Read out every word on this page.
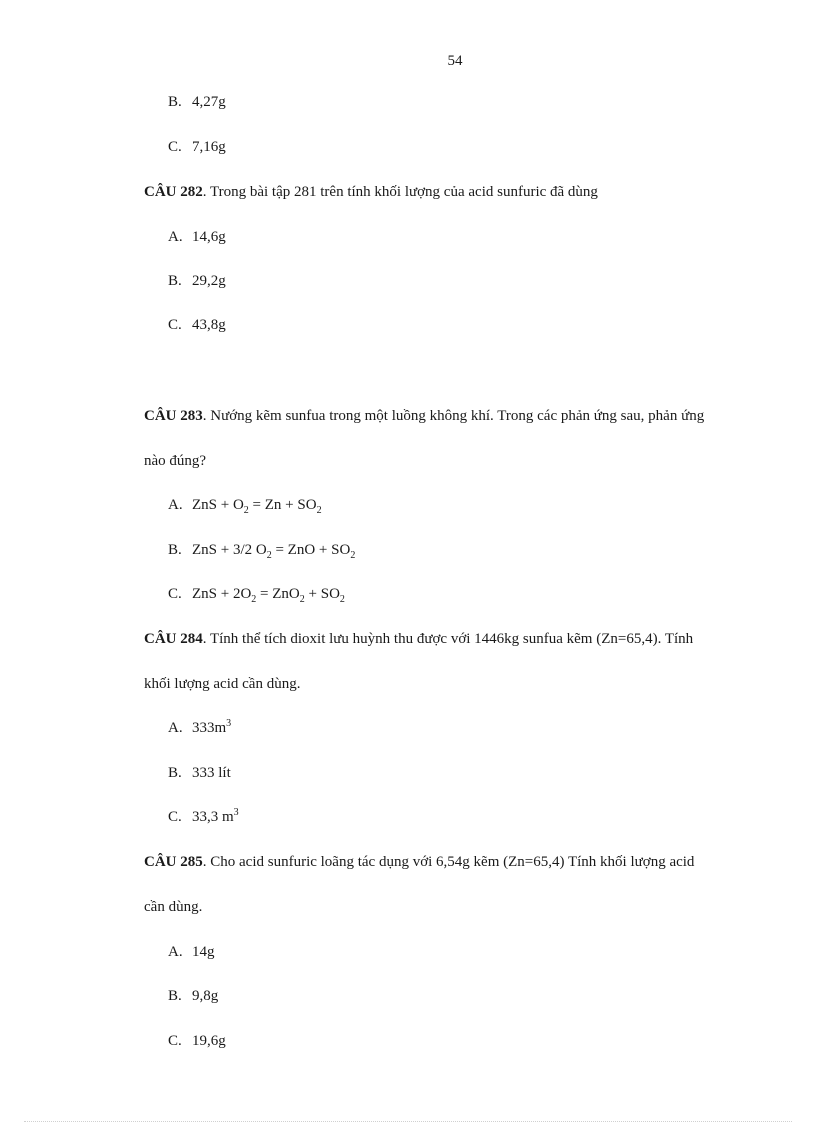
54
B. 4,27g
C. 7,16g
CÂU 282. Trong bài tập 281 trên tính khối lượng của acid sunfuric đã dùng
A. 14,6g
B. 29,2g
C. 43,8g
CÂU 283. Nướng kẽm sunfua trong một luồng không khí. Trong các phản ứng sau, phản ứng
nào đúng?
A. ZnS + $O_2 = Zn + SO_2$
B. ZnS + 3/2 $O_2$ = ZnO + $SO_2$
C. ZnS + $2O_2 = ZnO_2 + SO_2$
CÂU 284. Tính thể tích dioxit lưu huỳnh thu được với 1446kg sunfua kẽm (Zn=65,4). Tính
khối lượng acid cần dùng.
A. $333m^3$
B. 333 lít
C. 33,3 $m^3$
CÂU 285. Cho acid sunfuric loãng tác dụng với 6,54g kẽm (Zn=65,4) Tính khối lượng acid
cần dùng.
A. 14g
B. 9,8g
C. 19,6g
